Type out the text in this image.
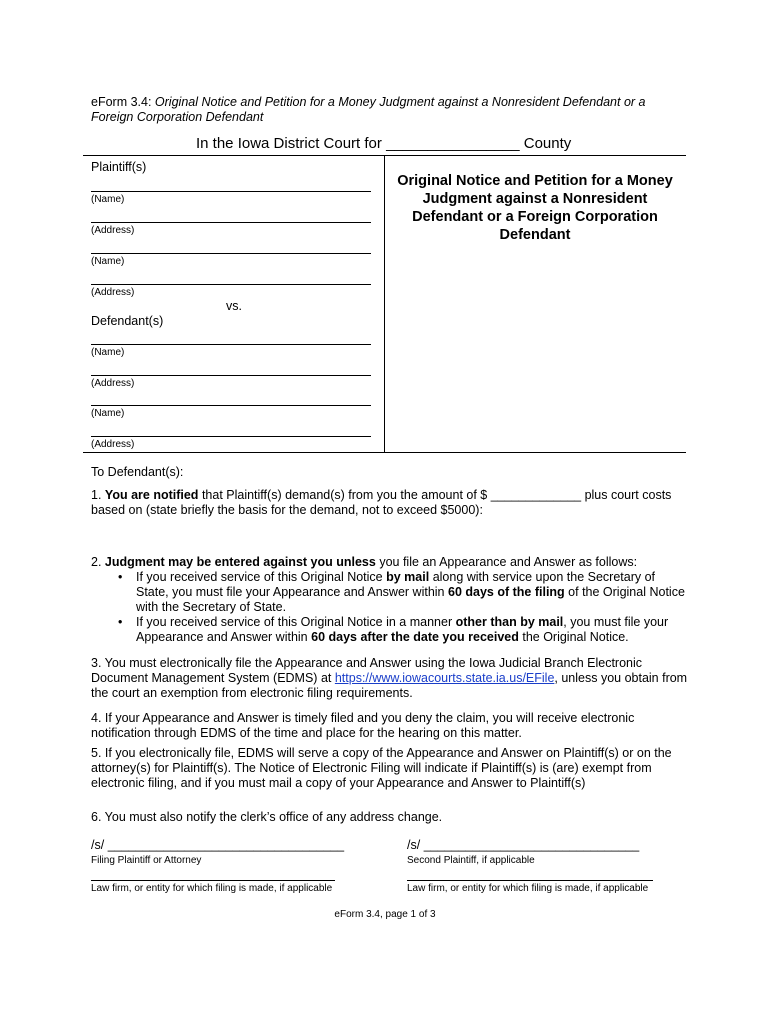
eForm 3.4: Original Notice and Petition for a Money Judgment against a Nonresident Defendant or a Foreign Corporation Defendant
In the Iowa District Court for ________________ County
Plaintiff(s)
(Name)
(Address)
(Name)
(Address)
vs.
Defendant(s)
(Name)
(Address)
(Name)
(Address)
Original Notice and Petition for a Money Judgment against a Nonresident Defendant or a Foreign Corporation Defendant
To Defendant(s):
1. You are notified that Plaintiff(s) demand(s) from you the amount of $ _____________ plus court costs based on (state briefly the basis for the demand, not to exceed $5000):
2. Judgment may be entered against you unless you file an Appearance and Answer as follows:
• If you received service of this Original Notice by mail along with service upon the Secretary of State, you must file your Appearance and Answer within 60 days of the filing of the Original Notice with the Secretary of State.
• If you received service of this Original Notice in a manner other than by mail, you must file your Appearance and Answer within 60 days after the date you received the Original Notice.
3. You must electronically file the Appearance and Answer using the Iowa Judicial Branch Electronic Document Management System (EDMS) at https://www.iowacourts.state.ia.us/EFile, unless you obtain from the court an exemption from electronic filing requirements.
4. If your Appearance and Answer is timely filed and you deny the claim, you will receive electronic notification through EDMS of the time and place for the hearing on this matter.
5. If you electronically file, EDMS will serve a copy of the Appearance and Answer on Plaintiff(s) or on the attorney(s) for Plaintiff(s). The Notice of Electronic Filing will indicate if Plaintiff(s) is (are) exempt from electronic filing, and if you must mail a copy of your Appearance and Answer to Plaintiff(s)
6. You must also notify the clerk’s office of any address change.
/s/ __________________________________
Filing Plaintiff or Attorney
/s/ _______________________________
Second Plaintiff, if applicable
Law firm, or entity for which filing is made, if applicable	Law firm, or entity for which filing is made, if applicable
eForm 3.4, page 1 of 3
